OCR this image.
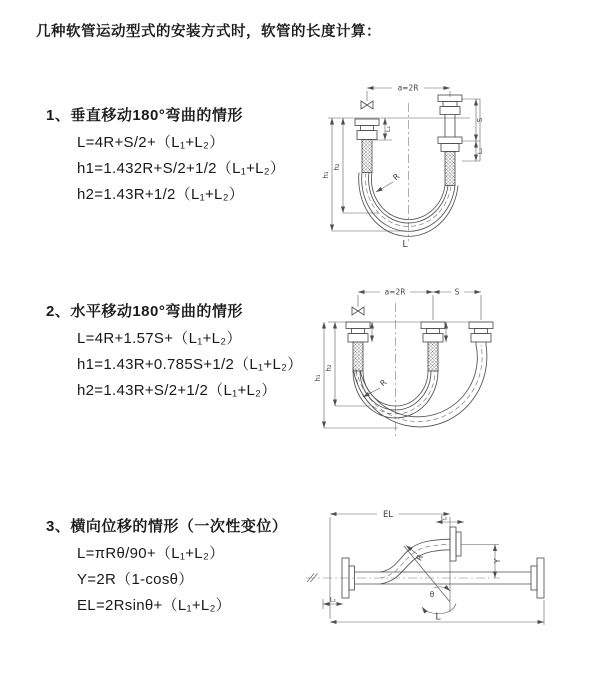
几种软管运动型式的安装方式时，软管的长度计算：
1、垂直移动180°弯曲的情形
L=4R+S/2+（L₁+L₂）
h1=1.432R+S/2+1/2（L₁+L₂）
h2=1.43R+1/2（L₁+L₂）
2、水平移动180°弯曲的情形
L=4R+1.57S+（L₁+L₂）
h1=1.43R+0.785S+1/2（L₁+L₂）
h2=1.43R+S/2+1/2（L₁+L₂）
3、横向位移的情形（一次性变位）
L=πRθ/90+（L₁+L₂）
Y=2R（1-cosθ）
EL=2Rsinθ+（L₁+L₂）
a=2R
L₁
S
L₂
h₁
h₂
R
L
a=2R	S
h₁
h₂
R
EL	L₂
Y
L
L₁
R
θ
